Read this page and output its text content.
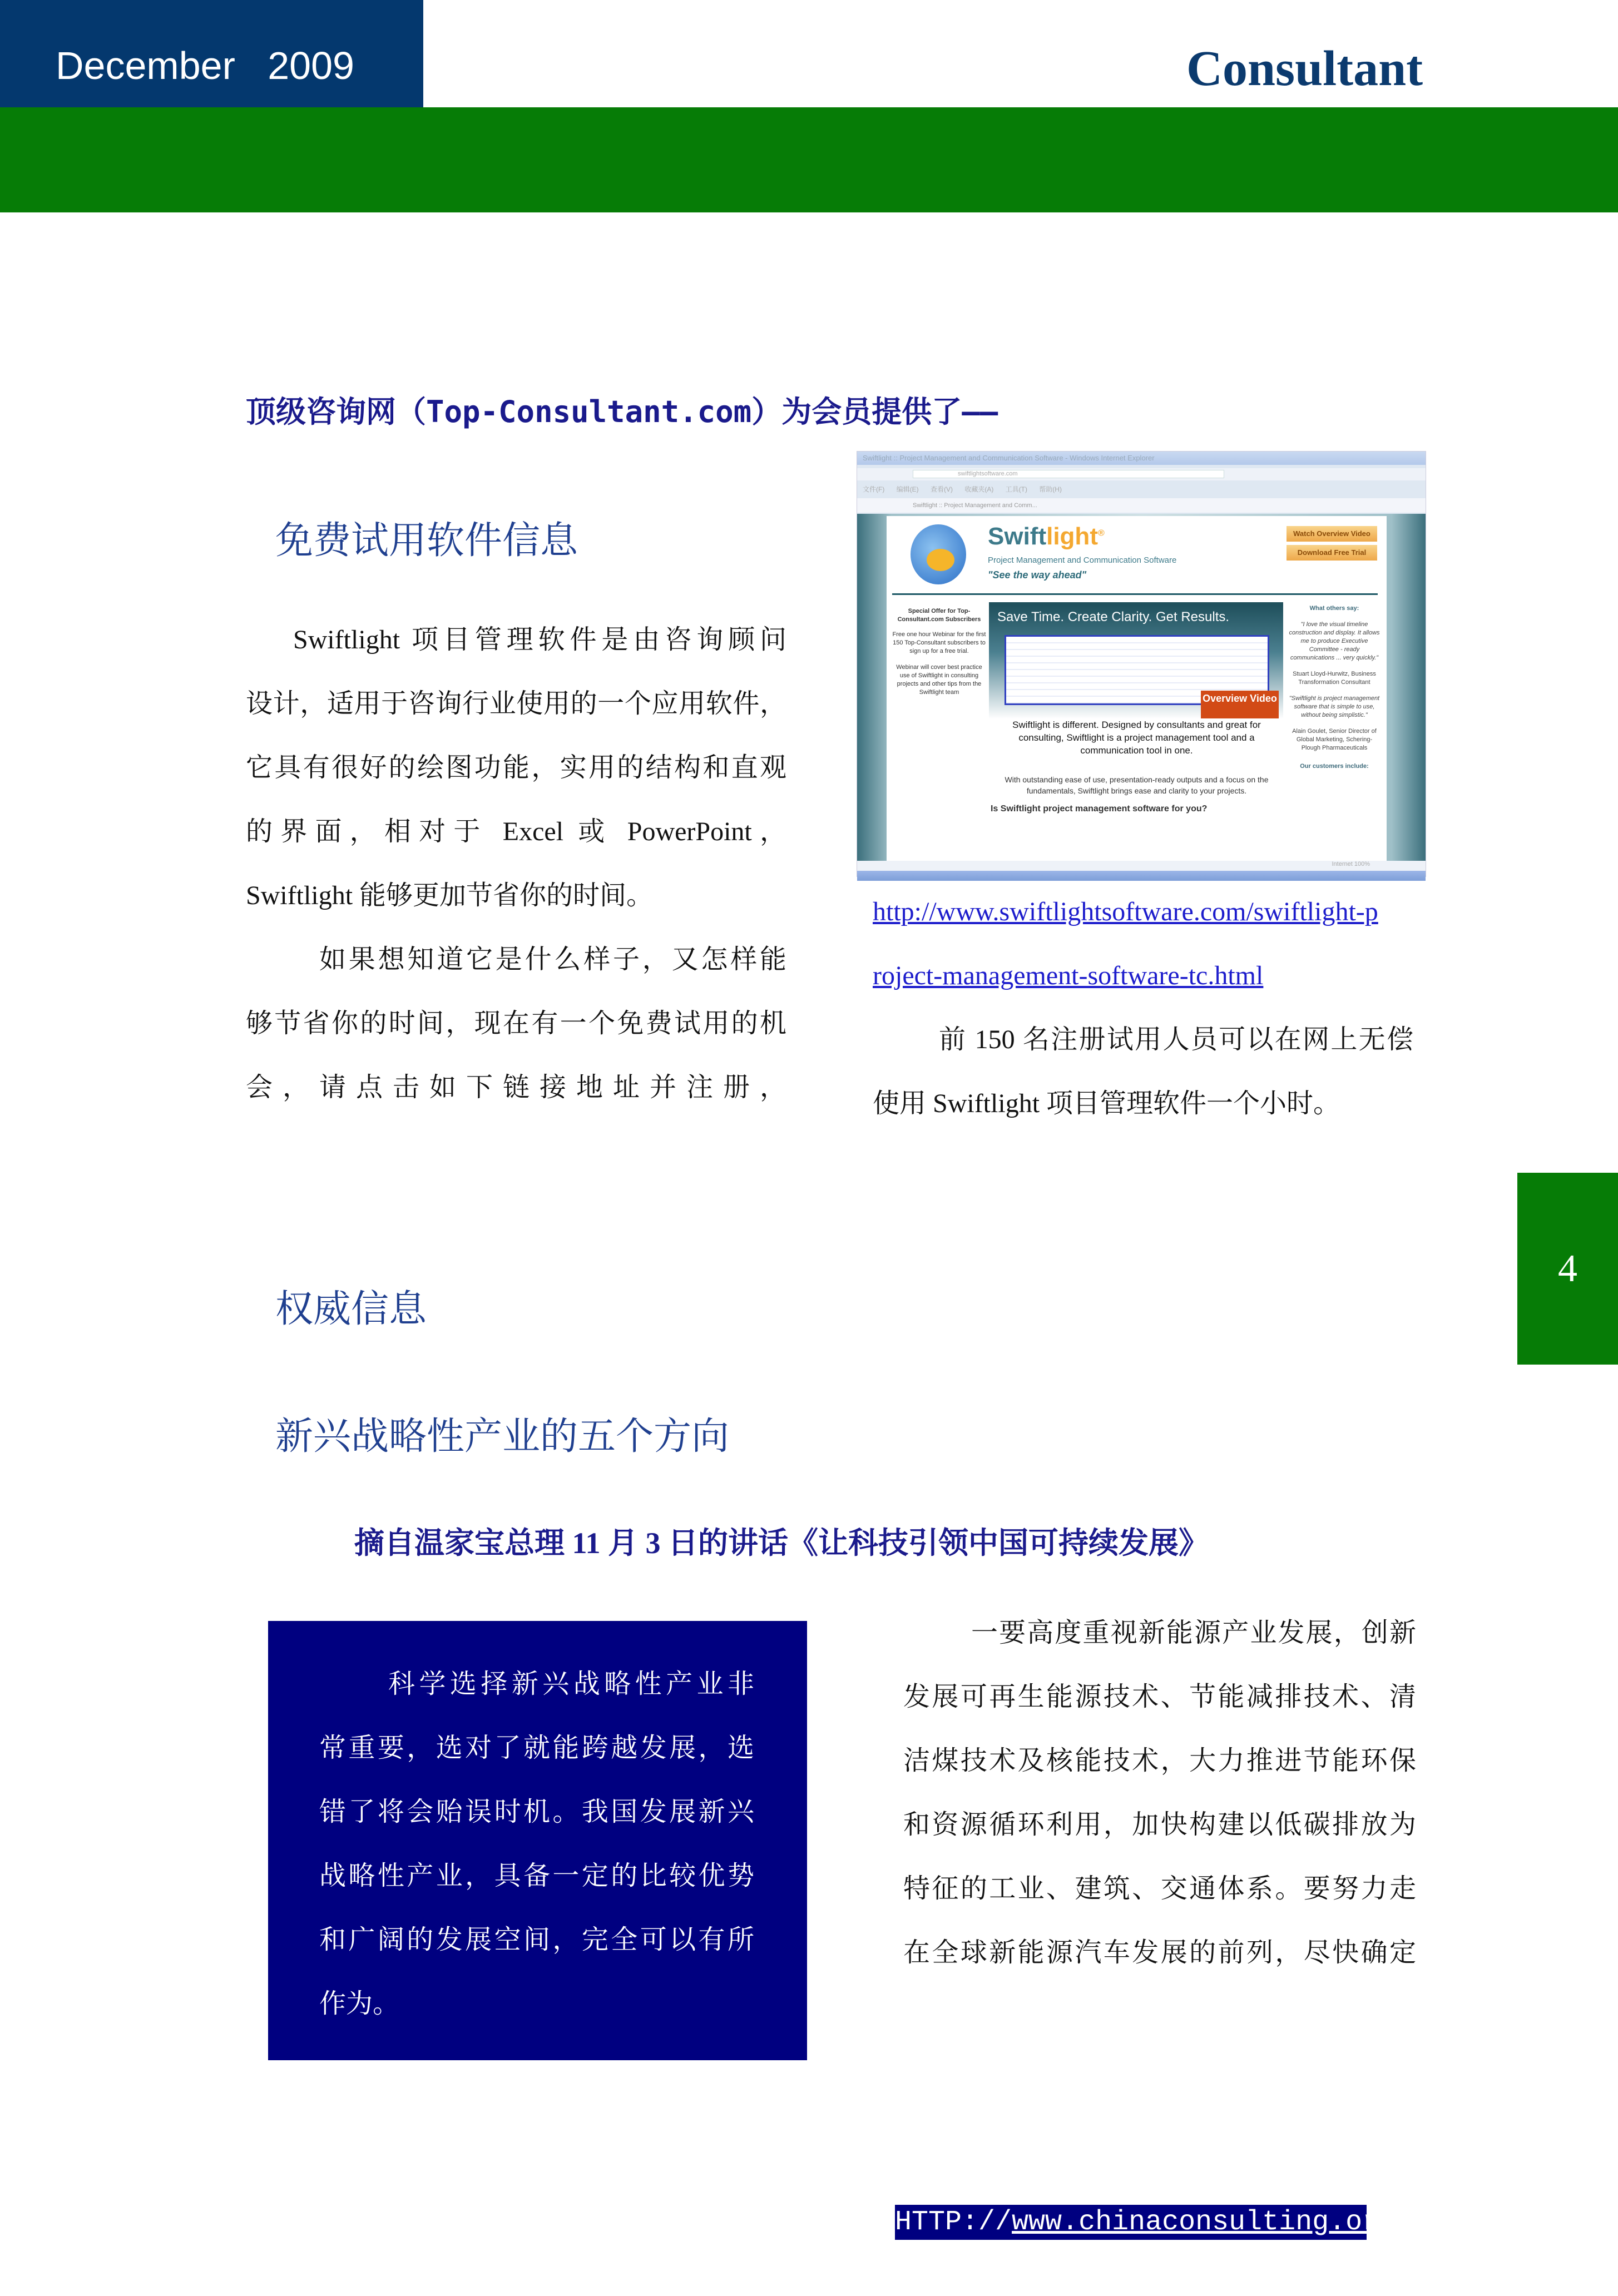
December   2009	Consultant
顶级咨询网（Top-Consultant.com）为会员提供了——
免费试用软件信息
Swiftlight 项目管理软件是由咨询顾问
设计，适用于咨询行业使用的一个应用软件，
它具有很好的绘图功能，实用的结构和直观
的界面，相对于 Excel 或 PowerPoint，
Swiftlight 能够更加节省你的时间。
如果想知道它是什么样子，又怎样能
够节省你的时间，现在有一个免费试用的机
会，请点击如下链接地址并注册，
Swiftlight :: Project Management and Communication Software - Windows Internet Explorer
swiftlightsoftware.com
文件(F) 编辑(E) 查看(V) 收藏夹(A) 工具(T) 帮助(H)
Swiftlight :: Project Management and Comm...
Swiftlight®
Project Management and Communication Software
"See the way ahead"
Watch Overview Video
Download Free Trial
Special Offer for Top-Consultant.com Subscribers
Free one hour Webinar for the first 150 Top-Consultant subscribers to sign up for a free trial.
Webinar will cover best practice use of Swiftlight in consulting projects and other tips from the Swiftlight team
Save Time. Create Clarity. Get Results.
Overview Video
Swiftlight is different. Designed by consultants and great for consulting, Swiftlight is a project management tool and a communication tool in one.
With outstanding ease of use, presentation-ready outputs and a focus on the fundamentals, Swiftlight brings ease and clarity to your projects.
Is Swiftlight project management software for you?
What others say:
"I love the visual timeline construction and display. It allows me to produce Executive Committee - ready communications ... very quickly."
Stuart Lloyd-Hurwitz, Business Transformation Consultant
"Swiftlight is project management software that is simple to use, without being simplistic."
Alain Goulet, Senior Director of Global Marketing, Schering-Plough Pharmaceuticals
Our customers include:
Internet 100%
http://www.swiftlightsoftware.com/swiftlight-p
roject-management-software-tc.html
前 150 名注册试用人员可以在网上无偿
使用 Swiftlight 项目管理软件一个小时。
4
权威信息
新兴战略性产业的五个方向
摘自温家宝总理 11 月 3 日的讲话《让科技引领中国可持续发展》
科学选择新兴战略性产业非
常重要，选对了就能跨越发展，选
错了将会贻误时机。我国发展新兴
战略性产业，具备一定的比较优势
和广阔的发展空间，完全可以有所
作为。
一要高度重视新能源产业发展，创新
发展可再生能源技术、节能减排技术、清
洁煤技术及核能技术，大力推进节能环保
和资源循环利用，加快构建以低碳排放为
特征的工业、建筑、交通体系。要努力走
在全球新能源汽车发展的前列，尽快确定
HTTP://www.chinaconsulting.org.cn
